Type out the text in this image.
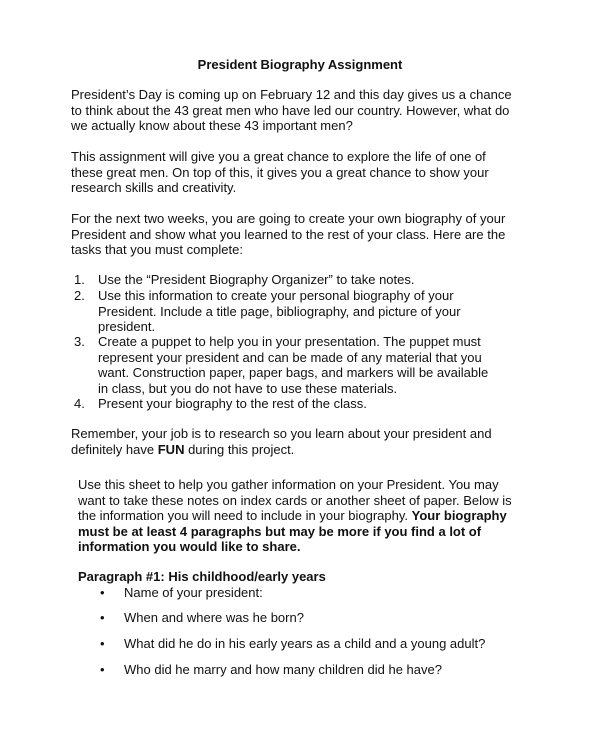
President Biography Assignment
President’s Day is coming up on February 12 and this day gives us a chance
to think about the 43 great men who have led our country. However, what do
we actually know about these 43 important men?
This assignment will give you a great chance to explore the life of one of
these great men. On top of this, it gives you a great chance to show your
research skills and creativity.
For the next two weeks, you are going to create your own biography of your
President and show what you learned to the rest of your class. Here are the
tasks that you must complete:
1.	Use the “President Biography Organizer” to take notes.
2.	Use this information to create your personal biography of your
President. Include a title page, bibliography, and picture of your
president.
3.	Create a puppet to help you in your presentation. The puppet must
represent your president and can be made of any material that you
want. Construction paper, paper bags, and markers will be available
in class, but you do not have to use these materials.
4.	Present your biography to the rest of the class.
Remember, your job is to research so you learn about your president and
definitely have FUN during this project.
Use this sheet to help you gather information on your President. You may
want to take these notes on index cards or another sheet of paper. Below is
the information you will need to include in your biography. Your biography
must be at least 4 paragraphs but may be more if you find a lot of
information you would like to share.
Paragraph #1: His childhood/early years
• Name of your president:
• When and where was he born?
• What did he do in his early years as a child and a young adult?
• Who did he marry and how many children did he have?
